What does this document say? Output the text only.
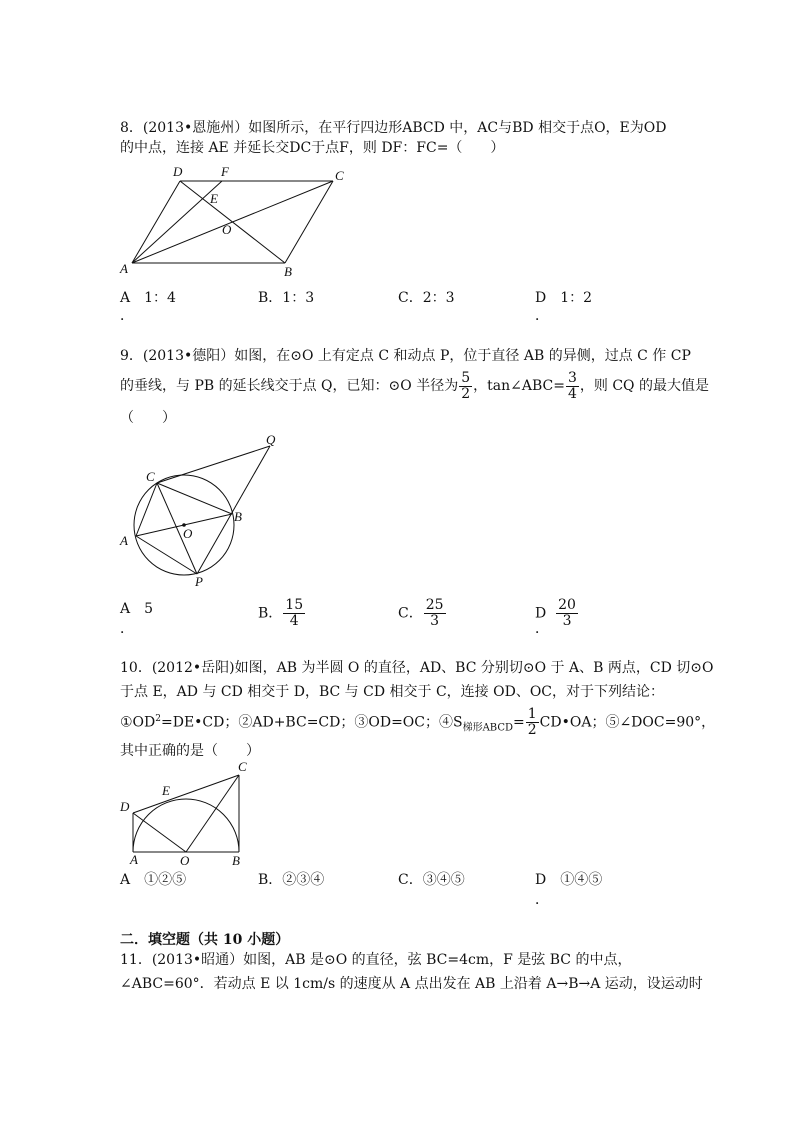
8．(2013•恩施州）如图所示，在平行四边形ABCD 中，AC与BD 相交于点O，E为OD
的中点，连接 AE 并延长交DC于点F，则 DF：FC=（　　）
D	F	C
E
O
A	B
A　1：4
．
B．1：3	C．2：3	D　1：2
．
9．(2013•德阳）如图，在⊙O 上有定点 C 和动点 P，位于直径 AB 的异侧，过点 C 作 CP
的垂线，与 PB 的延长线交于点 Q，已知：⊙O 半径为 $\frac{5}{2}$ ，tan∠ABC= $\frac{3}{4}$ ，则 CQ 的最大值是
（　　）
Q
C
B
O
A
P
A　5
．
B． $\frac{15}{4}$	C． $\frac{25}{3}$	D $\frac{20}{3}$
．
10．(2012•岳阳)如图，AB 为半圆 O 的直径，AD、BC 分别切⊙O 于 A、B 两点，CD 切⊙O
于点 E，AD 与 CD 相交于 D，BC 与 CD 相交于 C，连接 OD、OC，对于下列结论：
$①OD^2=DE•CD$；②AD+BC=CD；③OD=OC；$④S_{梯形ABCD}= \frac{1}{2}$ CD•OA；⑤∠DOC=90°，
其中正确的是（　　）
C
E
D
A	O	B
A　①②⑤	B．②③④	C．③④⑤	D　①④⑤
．
二．填空题（共 10 小题）
11．(2013•昭通）如图，AB 是⊙O 的直径，弦 BC=4cm，F 是弦 BC 的中点，
∠ABC=60°．若动点 E 以 1cm/s 的速度从 A 点出发在 AB 上沿着 A→B→A 运动，设运动时
